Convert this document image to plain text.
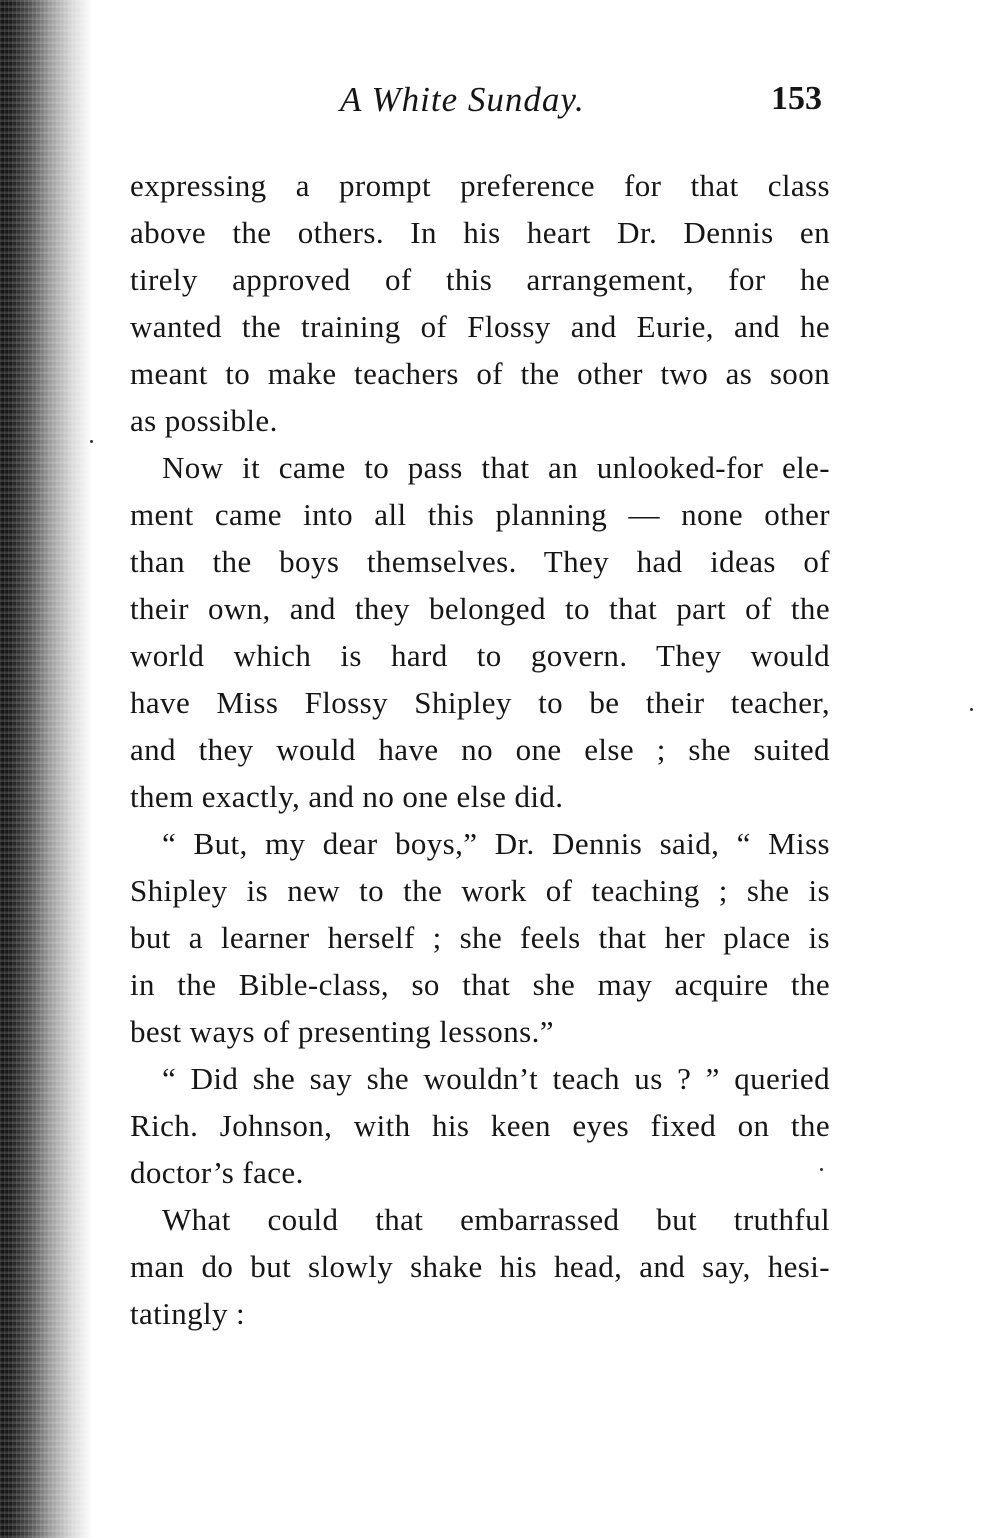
A White Sunday.	153
expressing a prompt preference for that class
above the others. In his heart Dr. Dennis en
tirely approved of this arrangement, for he
wanted the training of Flossy and Eurie, and he
meant to make teachers of the other two as soon
as possible.
Now it came to pass that an unlooked-for ele-
ment came into all this planning — none other
than the boys themselves. They had ideas of
their own, and they belonged to that part of the
world which is hard to govern. They would
have Miss Flossy Shipley to be their teacher,
and they would have no one else ; she suited
them exactly, and no one else did.
“ But, my dear boys,” Dr. Dennis said, “ Miss
Shipley is new to the work of teaching ; she is
but a learner herself ; she feels that her place is
in the Bible-class, so that she may acquire the
best ways of presenting lessons.”
“ Did she say she wouldn’t teach us ? ” queried
Rich. Johnson, with his keen eyes fixed on the
doctor’s face.
What could that embarrassed but truthful
man do but slowly shake his head, and say, hesi-
tatingly :
